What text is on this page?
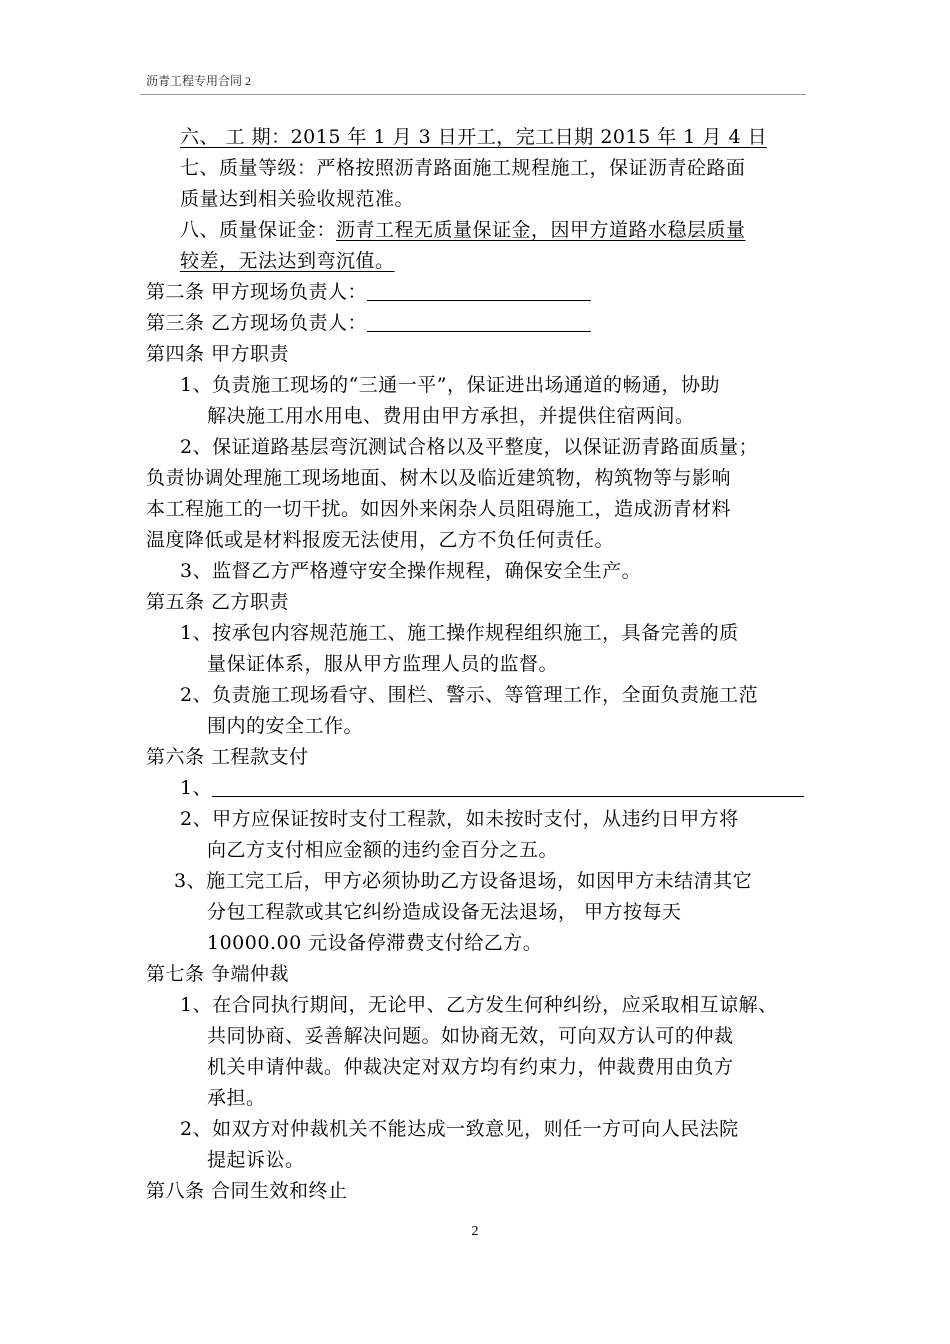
沥青工程专用合同 2
六、 工 期：2015 年 1 月 3 日开工，完工日期 2015 年 1 月 4 日
七、质量等级：严格按照沥青路面施工规程施工，保证沥青砼路面
质量达到相关验收规范准。
八、质量保证金：沥青工程无质量保证金，因甲方道路水稳层质量
较差，无法达到弯沉值。
第二条 甲方现场负责人：
第三条 乙方现场负责人：
第四条 甲方职责
1、负责施工现场的“三通一平”，保证进出场通道的畅通，协助
解决施工用水用电、费用由甲方承担，并提供住宿两间。
2、保证道路基层弯沉测试合格以及平整度，以保证沥青路面质量；
负责协调处理施工现场地面、树木以及临近建筑物，构筑物等与影响
本工程施工的一切干扰。如因外来闲杂人员阻碍施工，造成沥青材料
温度降低或是材料报废无法使用，乙方不负任何责任。
3、监督乙方严格遵守安全操作规程，确保安全生产。
第五条 乙方职责
1、按承包内容规范施工、施工操作规程组织施工，具备完善的质
量保证体系，服从甲方监理人员的监督。
2、负责施工现场看守、围栏、警示、等管理工作，全面负责施工范
围内的安全工作。
第六条 工程款支付
1、
2、甲方应保证按时支付工程款，如未按时支付，从违约日甲方将
向乙方支付相应金额的违约金百分之五。
3、施工完工后，甲方必须协助乙方设备退场，如因甲方未结清其它
分包工程款或其它纠纷造成设备无法退场， 甲方按每天
10000.00 元设备停滞费支付给乙方。
第七条 争端仲裁
1、在合同执行期间，无论甲、乙方发生何种纠纷，应采取相互谅解、
共同协商、妥善解决问题。如协商无效，可向双方认可的仲裁
机关申请仲裁。仲裁决定对双方均有约束力，仲裁费用由负方
承担。
2、如双方对仲裁机关不能达成一致意见，则任一方可向人民法院
提起诉讼。
第八条 合同生效和终止
2
